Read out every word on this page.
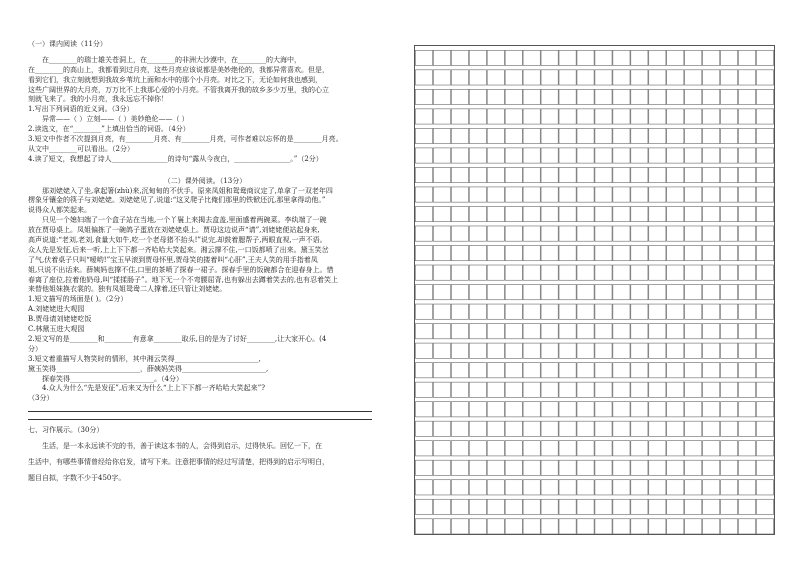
（一）课内阅读（11分）
在________的瑞士雄关苍洞上，在________的非洲大沙漠中，在________的大海中，
在________的高山上，我都看到过月亮，这些月亮应该说都是美妙绝伦的，我都异常喜欢。但是，
看到它们，我立刻就想到我故乡苇坑上面和水中的那个小月亮。对比之下，无论如何我也感到，
这些广阔世界的大月亮，万万比不上我那心爱的小月亮。不管我离开我的故乡多少万里，我的心立
刻就飞来了。我的小月亮，我永远忘不掉你！
1.写出下列词语的近义词。（3分）
异常——（ ）立刻——（ ）美妙绝伦——（ ）
2.读选文，在“________”上填出恰当的词语。（4分）
3.短文中作者不次提到月亮，有________月亮、有________月亮，可作者难以忘怀的是________月亮。
从文中________可以看出。（2分）
4.读了短文，我想起了诗人________________的诗句“露从今夜白，________________。”（2分）
（二）课外阅读。（13分）
那刘姥姥入了坐,拿起箸(zhù)来,沉甸甸的不伏手。原来凤姐和鸳鸯商议定了,单拿了一双老年四
楞象牙镶金的筷子与刘姥姥。刘姥姥见了,说道:“这叉爬子比俺们那里的铁锨还沉,那里拿得动他。”
说得众人都笑起来。
只见一个媳妇端了一个盒子站在当地,一个丫鬟上来揭去盒盖,里面盛着两碗菜。李纨端了一碗
放在贾母桌上。凤姐偏拣了一碗鸽子蛋放在刘姥姥桌上。贾母这边说声“请”,刘姥姥便站起身来,
高声说道:“老刘,老刘,食量大如牛,吃一个老母猪不抬头!”说完,却鼓着腮帮子,两眼直视,一声不语。
众人先是发怔,后来一听,上上下下都一齐哈哈大笑起来。湘云撑不住,一口饭都喷了出来。黛玉笑岔
了气,伏着桌子只叫“嗳哟!”宝玉早滚到贾母怀里,贾母笑的搂着叫“心肝”,王夫人笑的用手指着凤
姐,只说不出话来。薛姨妈也撑不住,口里的茶喷了探春一裙子。探春手里的饭碗都合在迎春身上。惜
春离了座位,拉着他奶母,叫“揉揉肠子”。地下无一个不弯腰屈背,也有躲出去蹲着笑去的,也有忍着笑上
来替他姐妹换衣裳的。独有凤姐鸳鸯二人撑着,还只管让刘姥姥。
1.短文描写的场面是( )。（2分）
A.刘姥姥进大观园
B.贾母请刘姥姥吃饭
C.林黛玉进大观园
2.短文写的是________和________有意拿________取乐,目的是为了讨好________,让大家开心。(4
分）
3.短文着重描写人物笑时的情形，其中湘云笑得________________________,
黛玉笑得________________________，薛姨妈笑得________________________,
探春笑得________________________。（4分）
4.众人为什么“先是发征”,后来又为什么“上上下下都一齐哈哈大笑起来”?
（3分）
七、习作展示。（30分）
生活，是一本永远读不完的书，善于读这本书的人，会得到启示，过得快乐。回忆一下，在
生活中，有哪些事情曾经给你启发，请写下来。注意把事情的经过写清楚，把得到的启示写明白，
题目自拟，字数不少于450字。
